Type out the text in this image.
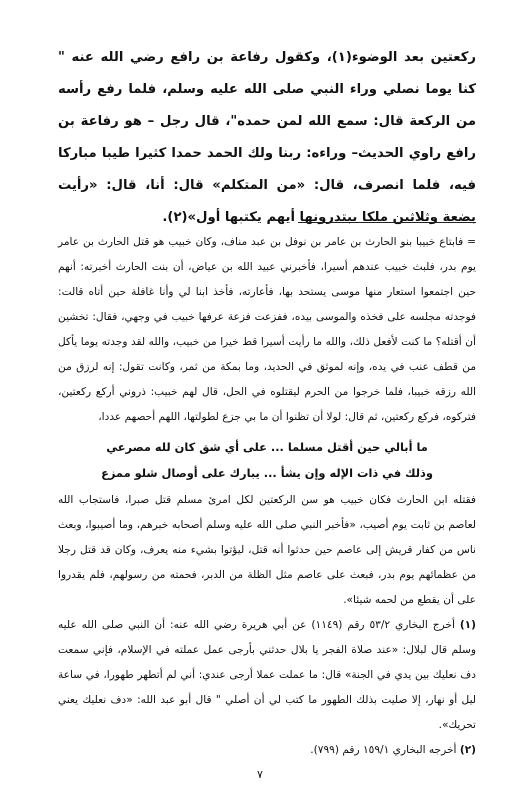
ركعتين بعد الوضوء(١)، وكقول رفاعة بن رافع رضي الله عنه " كنا يوما نصلي وراء النبي صلى الله عليه وسلم، فلما رفع رأسه من الركعة قال: سمع الله لمن حمده"، قال رجل – هو رفاعة بن رافع راوي الحديث– وراءه: ربنا ولك الحمد حمدا كثيرا طيبا مباركا فيه، فلما انصرف، قال: «من المتكلم» قال: أنا، قال: «رأيت بضعة وثلاثين ملكا يبتدرونها أيهم يكتبها أول»(٢).

= فابتاع خبيبا بنو الحارث بن عامر بن نوفل بن عبد مناف، وكان خبيب هو قتل الحارث بن عامر يوم بدر، فلبث خبيب عندهم أسيرا، فأخبرني عبيد الله بن عياض، أن بنت الحارث أخبرته: أنهم حين اجتمعوا استعار منها موسى يستحد بها، فأعارته، فأخذ ابنا لي وأنا غافلة حين أتاه قالت: فوجدته مجلسه على فخذه والموسى بيده، ففزعت فزعة عرفها خبيب في وجهي، فقال: تخشين أن أقتله؟ ما كنت لأفعل ذلك، والله ما رأيت أسيرا قط خيرا من خبيب، والله لقد وجدته يوما يأكل من قطف عنب في يده، وإنه لموثق في الحديد، وما بمكة من ثمر، وكانت تقول: إنه لرزق من الله رزقه خبيبا، فلما خرجوا من الحرم ليقتلوه في الحل، قال لهم خبيب: ذروني أركع ركعتين، فتركوه، فركع ركعتين، ثم قال: لولا أن تظنوا أن ما بي جزع لطولتها، اللهم أحصهم عددا،

ما أبالي حين أقتل مسلما ... على أي شق كان لله مصرعي
وذلك في ذات الإله وإن يشأ ... يبارك على أوصال شلو ممزع

فقتله ابن الحارث فكان خبيب هو سن الركعتين لكل امرئ مسلم قتل صبرا، فاستجاب الله لعاصم بن ثابت يوم أصيب، «فأخبر النبي صلى الله عليه وسلم أصحابه خبرهم، وما أصيبوا، وبعث ناس من كفار قريش إلى عاصم حين حدثوا أنه قتل، ليؤتوا بشيء منه يعرف، وكان قد قتل رجلا من عظمائهم يوم بدر، فبعث على عاصم مثل الظلة من الدبر، فحمته من رسولهم، فلم يقدروا على أن يقطع من لحمه شيئا».

(١) أخرج البخاري ٥٣/٢ رقم (١١٤٩) عن أبي هريرة رضي الله عنه: أن النبي صلى الله عليه وسلم قال لبلال: «عند صلاة الفجر يا بلال حدثني بأرجى عمل عملته في الإسلام، فإني سمعت دف نعليك بين يدي في الجنة» قال: ما عملت عملا أرجى عندي: أني لم أتطهر طهورا، في ساعة ليل أو نهار، إلا صليت بذلك الطهور ما كتب لي أن أصلي " قال أبو عبد الله: «دف نعليك يعني تحريك».

(٢) أخرجه البخاري ١٥٩/١ رقم (٧٩٩).

٧
